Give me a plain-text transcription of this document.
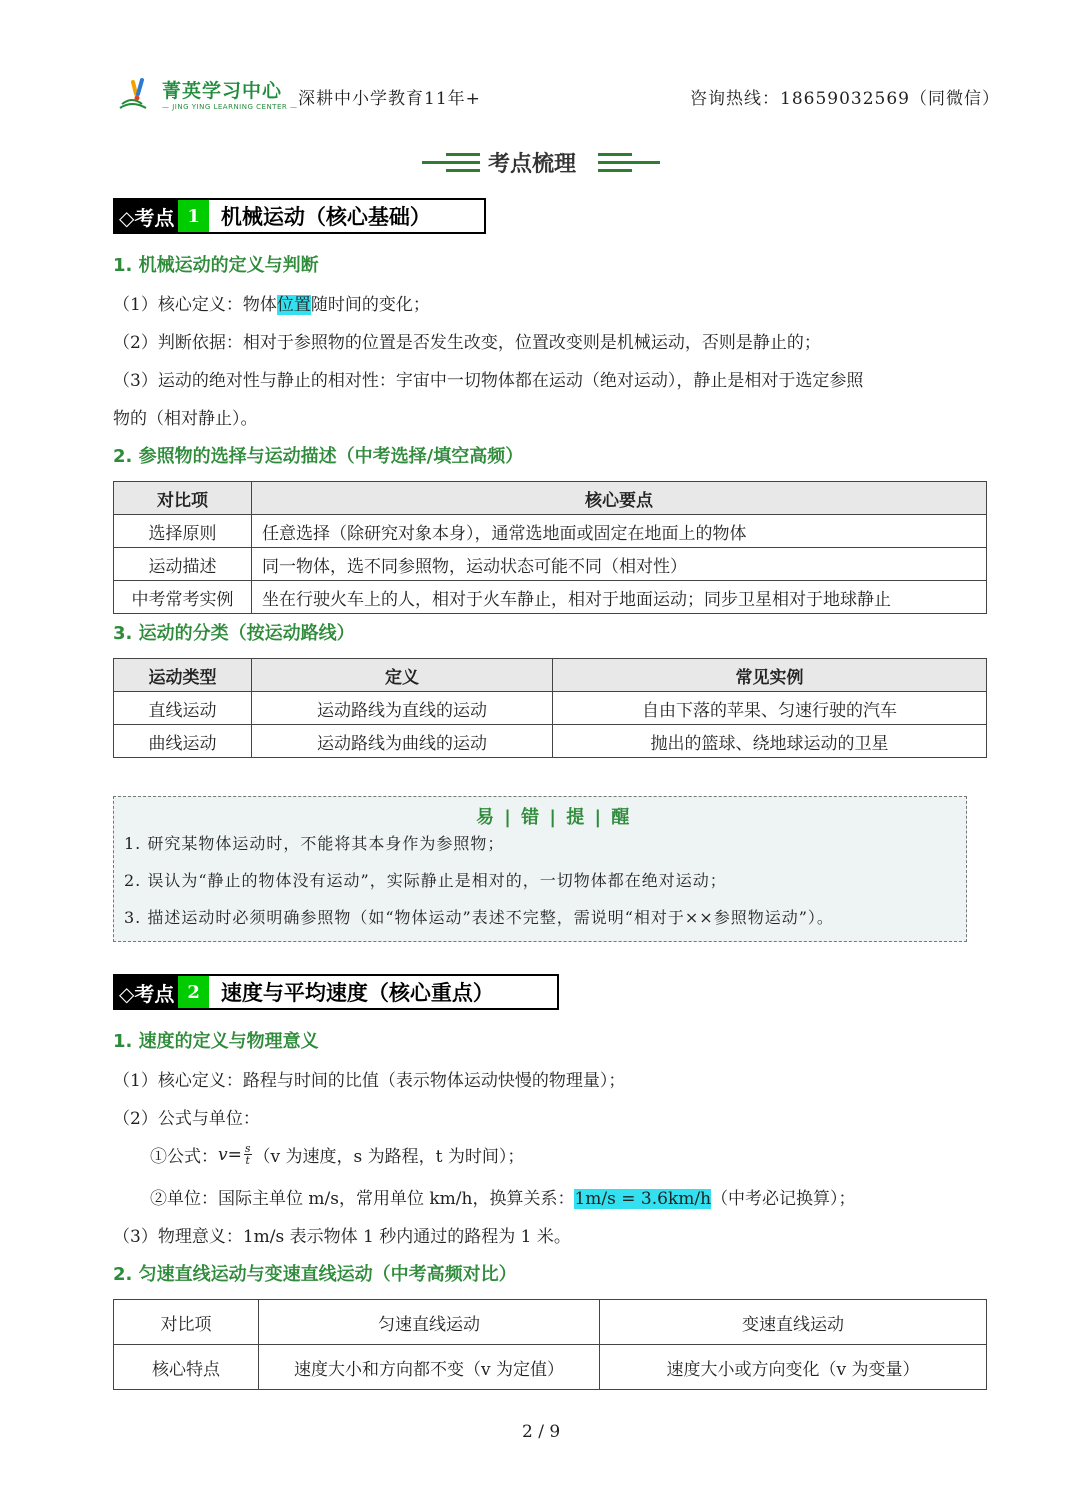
菁英学习中心
— JING YING LEARNING CENTER — 深耕中小学教育11年+	咨询热线：18659032569（同微信）
考点梳理
◇考点 1	机械运动（核心基础）
1. 机械运动的定义与判断
（1）核心定义：物体位置随时间的变化；
（2）判断依据：相对于参照物的位置是否发生改变，位置改变则是机械运动，否则是静止的；
（3）运动的绝对性与静止的相对性：宇宙中一切物体都在运动（绝对运动），静止是相对于选定参照
物的（相对静止）。
2. 参照物的选择与运动描述（中考选择/填空高频）
对比项	核心要点
选择原则	任意选择（除研究对象本身），通常选地面或固定在地面上的物体
运动描述	同一物体，选不同参照物，运动状态可能不同（相对性）
中考常考实例	坐在行驶火车上的人，相对于火车静止，相对于地面运动；同步卫星相对于地球静止
3. 运动的分类（按运动路线）
运动类型	定义	常见实例
直线运动	运动路线为直线的运动	自由下落的苹果、匀速行驶的汽车
曲线运动	运动路线为曲线的运动	抛出的篮球、绕地球运动的卫星
易 | 错 | 提 | 醒
1. 研究某物体运动时，不能将其本身作为参照物；
2. 误认为“静止的物体没有运动”，实际静止是相对的，一切物体都在绝对运动；
3. 描述运动时必须明确参照物（如“物体运动”表述不完整，需说明“相对于××参照物运动”）。
◇考点 2	速度与平均速度（核心重点）
1. 速度的定义与物理意义
（1）核心定义：路程与时间的比值（表示物体运动快慢的物理量）；
（2）公式与单位：
①公式： $v = \frac{s}{t} (v$ 为速度，s 为路程，t 为时间）；
②单位：国际主单位 m/s，常用单位 km/h，换算关系：1m/s = 3.6km/h（中考必记换算）；
（3）物理意义：1m/s 表示物体 1 秒内通过的路程为 1 米。
2. 匀速直线运动与变速直线运动（中考高频对比）
对比项	匀速直线运动	变速直线运动
核心特点	速度大小和方向都不变（v 为定值）	速度大小或方向变化（v 为变量）
2 / 9
